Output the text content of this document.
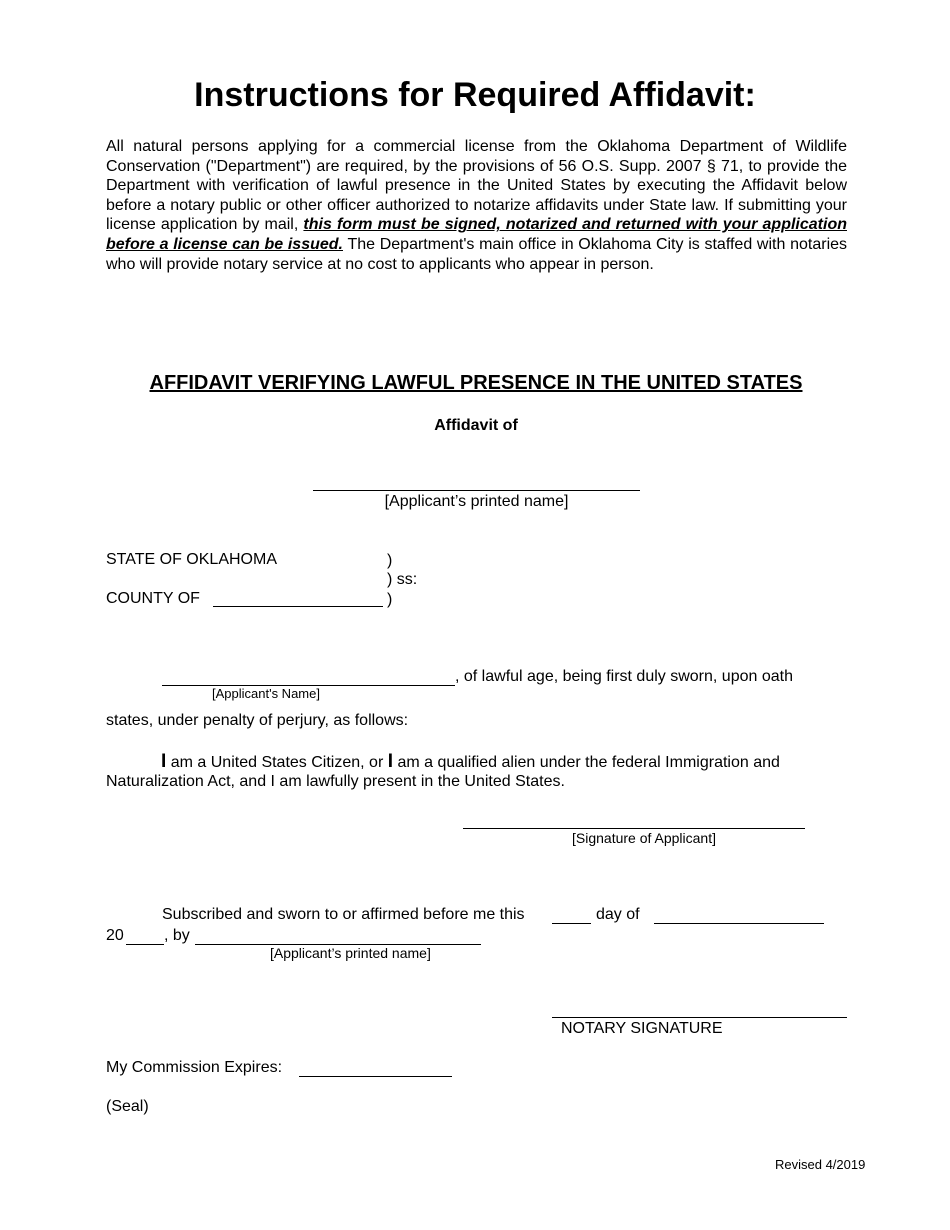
Instructions for Required Affidavit:
All natural persons applying for a commercial license from the Oklahoma Department of Wildlife Conservation ("Department") are required, by the provisions of 56 O.S. Supp. 2007 § 71, to provide the Department with verification of lawful presence in the United States by executing the Affidavit below before a notary public or other officer authorized to notarize affidavits under State law. If submitting your license application by mail, this form must be signed, notarized and returned with your application before a license can be issued. The Department's main office in Oklahoma City is staffed with notaries who will provide notary service at no cost to applicants who appear in person.
AFFIDAVIT VERIFYING LAWFUL PRESENCE IN THE UNITED STATES
Affidavit of
[Applicant’s printed name]
STATE OF OKLAHOMA	)
) ss:
COUNTY OF	)
, of lawful age, being first duly sworn, upon oath
[Applicant's Name]
states, under penalty of perjury, as follows:
I am a United States Citizen, or I am a qualified alien under the federal Immigration and
Naturalization Act, and I am lawfully present in the United States.
[Signature of Applicant]
Subscribed and sworn to or affirmed before me this	day of
20	, by
[Applicant’s printed name]
NOTARY SIGNATURE
My Commission Expires:
(Seal)
Revised 4/2019
